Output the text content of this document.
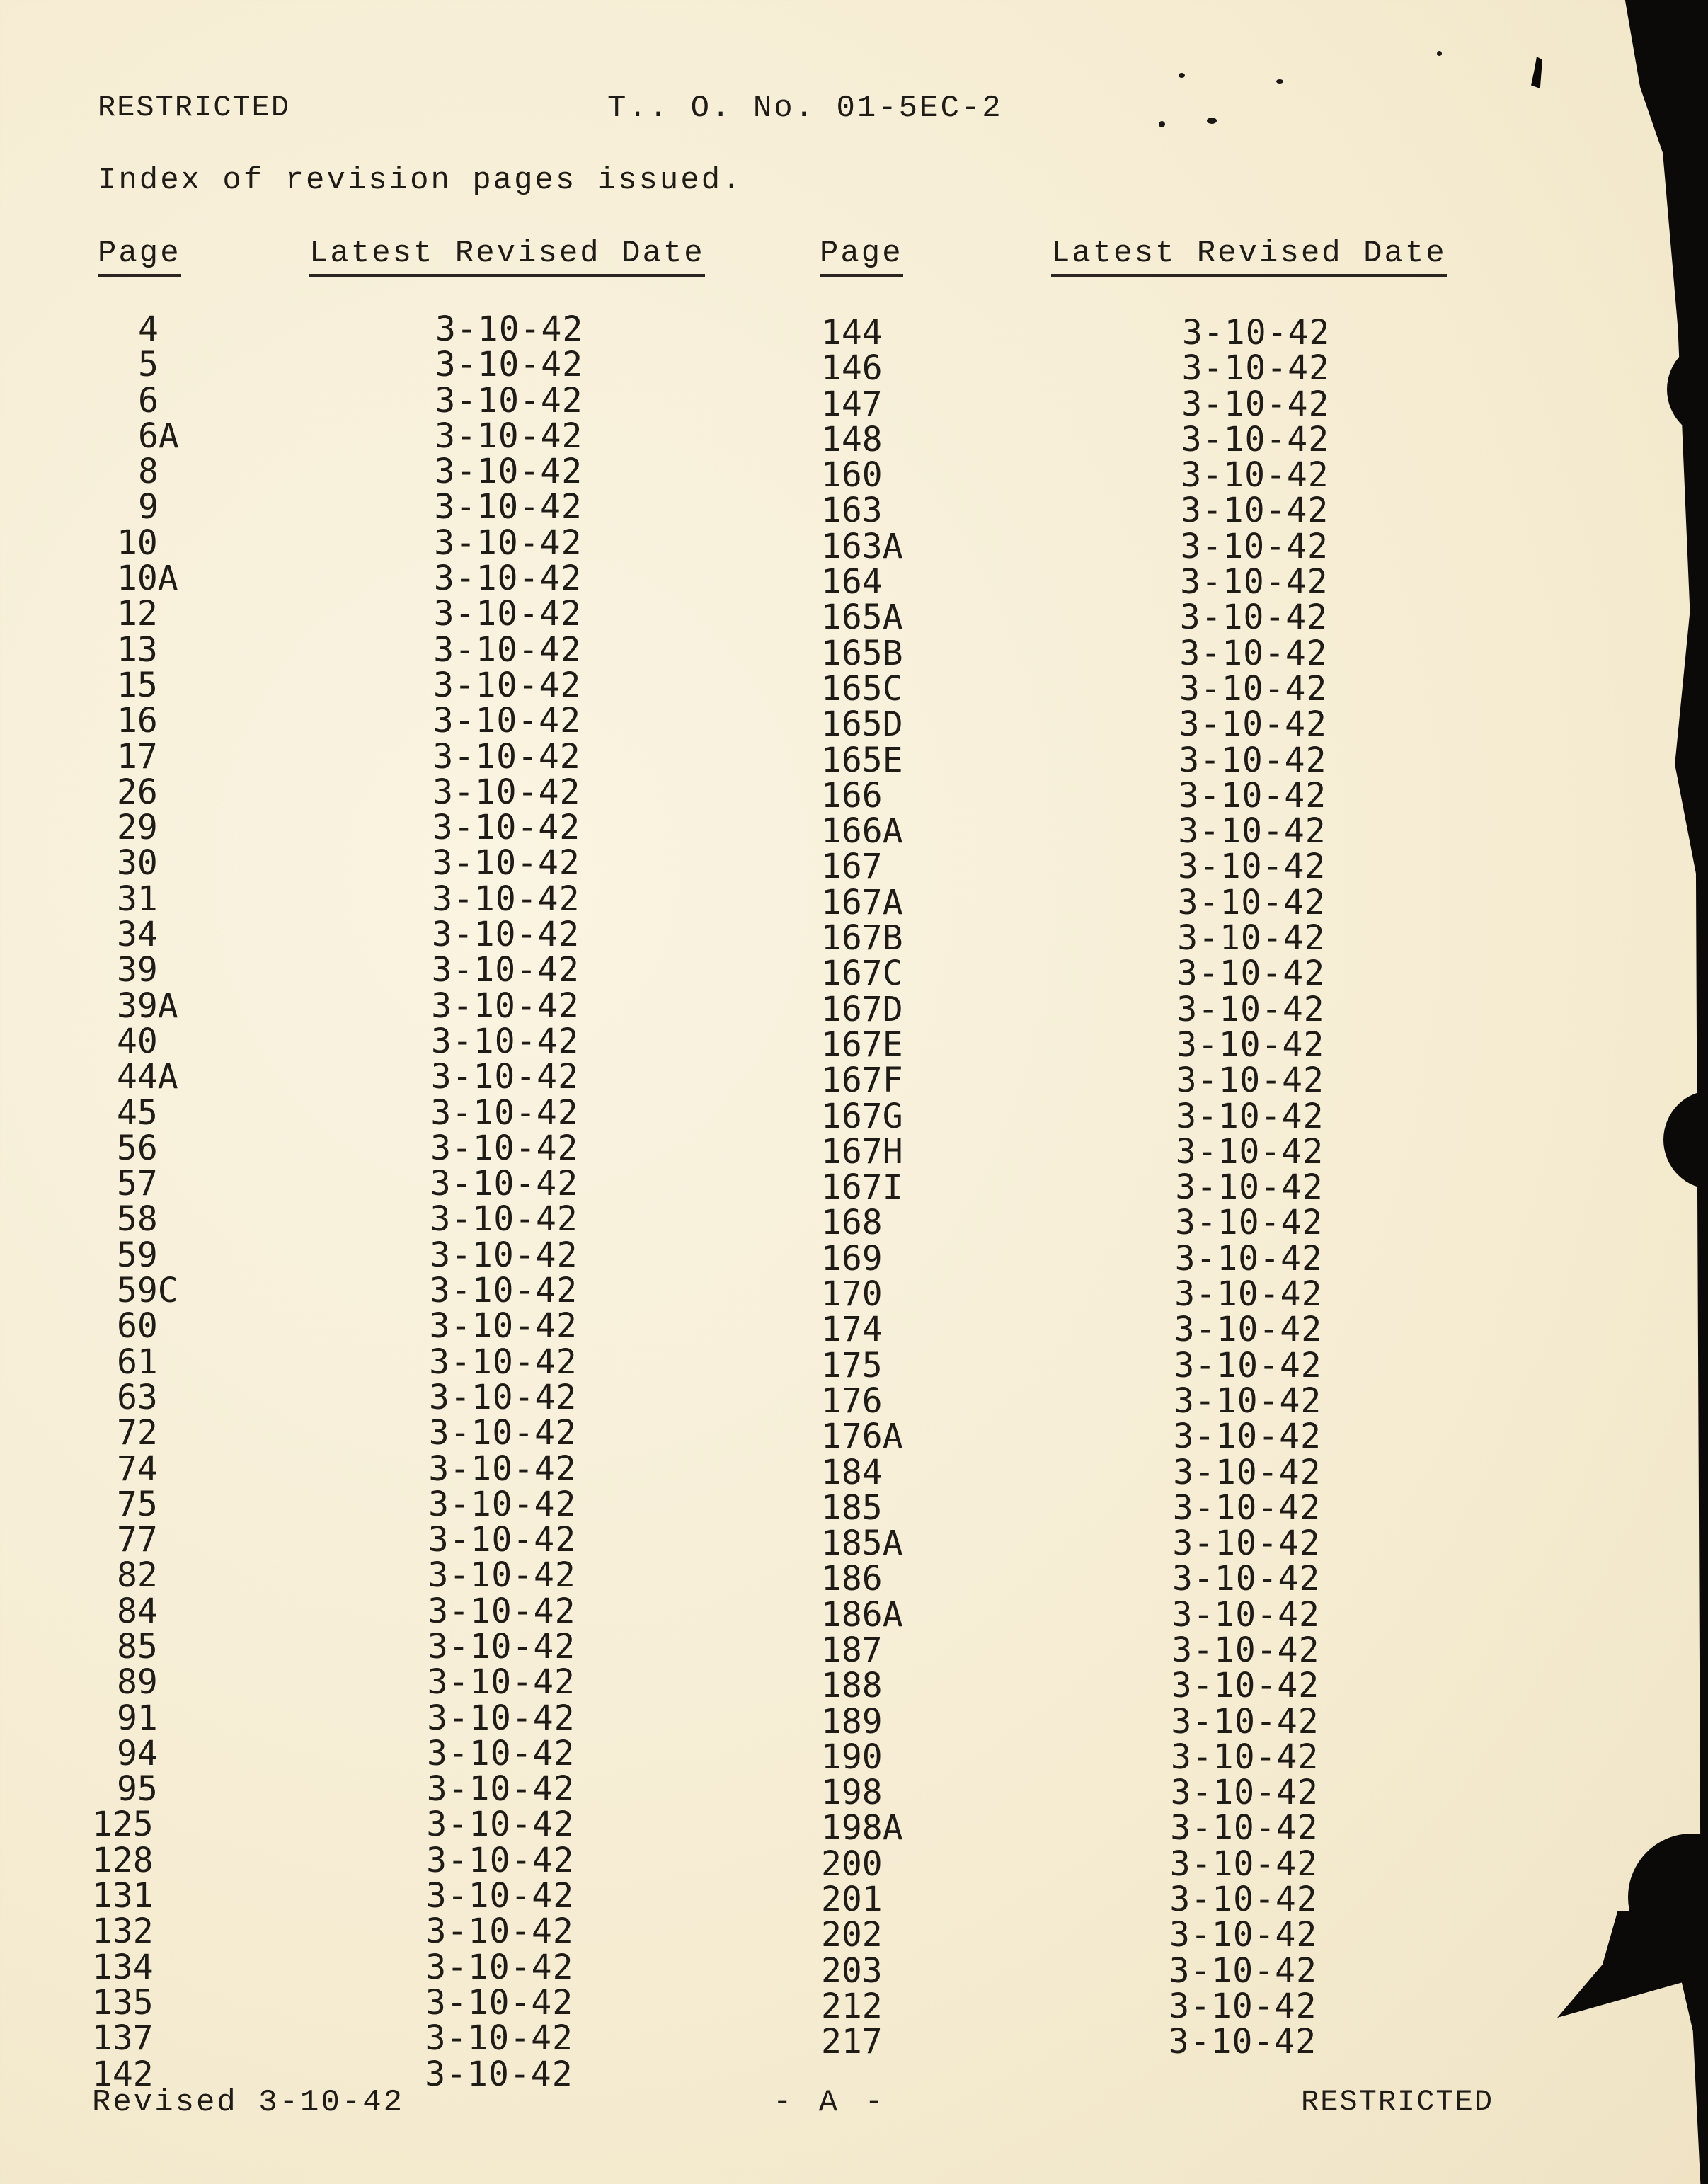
RESTRICTED	T.. O. No. 01-5EC-2
Index of revision pages issued.
Page	Latest Revised Date	Page	Latest Revised Date
4	3-10-42
5	3-10-42
6	3-10-42
6A	3-10-42
8	3-10-42
9	3-10-42
10	3-10-42
10A	3-10-42
12	3-10-42
13	3-10-42
15	3-10-42
16	3-10-42
17	3-10-42
26	3-10-42
29	3-10-42
30	3-10-42
31	3-10-42
34	3-10-42
39	3-10-42
39A	3-10-42
40	3-10-42
44A	3-10-42
45	3-10-42
56	3-10-42
57	3-10-42
58	3-10-42
59	3-10-42
59C	3-10-42
60	3-10-42
61	3-10-42
63	3-10-42
72	3-10-42
74	3-10-42
75	3-10-42
77	3-10-42
82	3-10-42
84	3-10-42
85	3-10-42
89	3-10-42
91	3-10-42
94	3-10-42
95	3-10-42
125	3-10-42
128	3-10-42
131	3-10-42
132	3-10-42
134	3-10-42
135	3-10-42
137	3-10-42
142	3-10-42
144	3-10-42
146	3-10-42
147	3-10-42
148	3-10-42
160	3-10-42
163	3-10-42
163A	3-10-42
164	3-10-42
165A	3-10-42
165B	3-10-42
165C	3-10-42
165D	3-10-42
165E	3-10-42
166	3-10-42
166A	3-10-42
167	3-10-42
167A	3-10-42
167B	3-10-42
167C	3-10-42
167D	3-10-42
167E	3-10-42
167F	3-10-42
167G	3-10-42
167H	3-10-42
167I	3-10-42
168	3-10-42
169	3-10-42
170	3-10-42
174	3-10-42
175	3-10-42
176	3-10-42
176A	3-10-42
184	3-10-42
185	3-10-42
185A	3-10-42
186	3-10-42
186A	3-10-42
187	3-10-42
188	3-10-42
189	3-10-42
190	3-10-42
198	3-10-42
198A	3-10-42
200	3-10-42
201	3-10-42
202	3-10-42
203	3-10-42
212	3-10-42
217	3-10-42
Revised 3-10-42	- A -	RESTRICTED
